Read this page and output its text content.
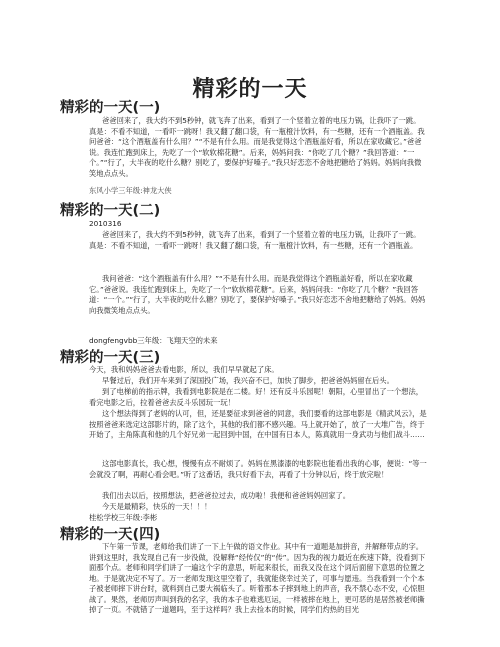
精彩的一天
精彩的一天(一)

爸爸回来了，我大约不到5秒钟，就飞奔了出来，看到了一个竖着立着的电压力锅，让我吓了一跳。真是：不看不知道，一看吓一跳呀！我又翻了翻口袋，有一瓶橙汁饮料，有一些糖，还有一个酒瓶盖。我问爸爸：“这个酒瓶盖有什么用？”“不是有什么用。而是我觉得这个酒瓶盖好看，所以在家收藏它。”爸爸说。我连忙跑到床上，先吃了一个“软软棉花糖”。后来，妈妈问我：“你吃了几个糖？”我回答道：“一个。”“行了，大半夜的吃什么糖？别吃了，要保护好嗓子。”我只好恋恋不舍地把糖给了妈妈。妈妈向我微笑地点点头。

东风小学三年级:神龙大侠
精彩的一天(二)
2010316

爸爸回来了，我大约不到5秒钟，就飞奔了出来，看到了一个竖着立着的电压力锅，让我吓了一跳。真是：不看不知道，一看吓一跳呀！我又翻了翻口袋，有一瓶橙汁饮料，有一些糖，还有一个酒瓶盖。

我问爸爸：“这个酒瓶盖有什么用？”“不是有什么用。而是我觉得这个酒瓶盖好看，所以在家收藏它。”爸爸说。我连忙跑到床上，先吃了一个“软软棉花糖”。后来，妈妈问我：“你吃了几个糖？”我回答道：“一个。”“行了，大半夜的吃什么糖？别吃了，要保护好嗓子。”我只好恋恋不舍地把糖给了妈妈。妈妈向我微笑地点点头。

dongfengvbb三年级：飞翔天空的未来
精彩的一天(三)

今天，我和妈妈爸爸去看电影，所以，我们早早就起了床。

早餐过后，我们开车来到了深国投广场，我兴奋不已，加快了脚步，把爸爸妈妈留在后头。

到了电梯前的指示牌，我看到电影院是在二楼。好！还有反斗乐园呢！朝阳，心里冒出了一个想法，看完电影之后，拉着爸爸去反斗乐园玩一玩！

这个想法得到了老妈的认可，但，还是要征求到爸爸的同意，我们要看的这部电影是《精武风云》，是按照爸爸来选定这部影片的，除了这个，其他的我们都不感兴趣。马上就开始了，放了一大堆广告，终于开始了，主角陈真和他的几个好兄弟一起回到中国，在中国有日本人，陈真就用一身武功与他们战斗……

这部电影真长，我心想，慢慢有点不耐烦了。妈妈在黑漆漆的电影院也能看出我的心事，便说：“等一会就没了啊，再耐心看会吧。”听了这番话，我只好看下去，再看了十分钟以后，终于放完啦！

我们出去以后，按照想法，把爸爸拉过去，成功啦！我便和爸爸妈妈回家了。

今天是最精彩，快乐的一天！！！

桂松学校三年级:李彬
精彩的一天(四)

下午第一节课，老师给我们讲了一下上午做的语文作业。其中有一道题是加拼音，并解释带点的字。讲到这里时，我发现自己有一步没做，没解释“经传仅”的“传”。因为我的视力最近在疾速下降，没看到下面那个点。老师和同学们讲了一遍这个字的意思，听起来很长，而我又没在这个词后面留下意思的位置之地。于是就决定不写了。万一老师发现这里空着了，我就能侥幸过关了，可事与愿违。当我看到一个个本子被老师摔下讲台时，就料到自己要大祸临头了。听着那本子摔到地上的声音，我不禁心态不安，心惊胆战了。果然，老师厉声叫到我的名字，我的本子也难逃厄运，一样被摔在地上，更可恶的是居然被老师撕掉了一页。不就错了一道题吗，至于这样吗？我上去捡本的时候，同学们灼热的目光
